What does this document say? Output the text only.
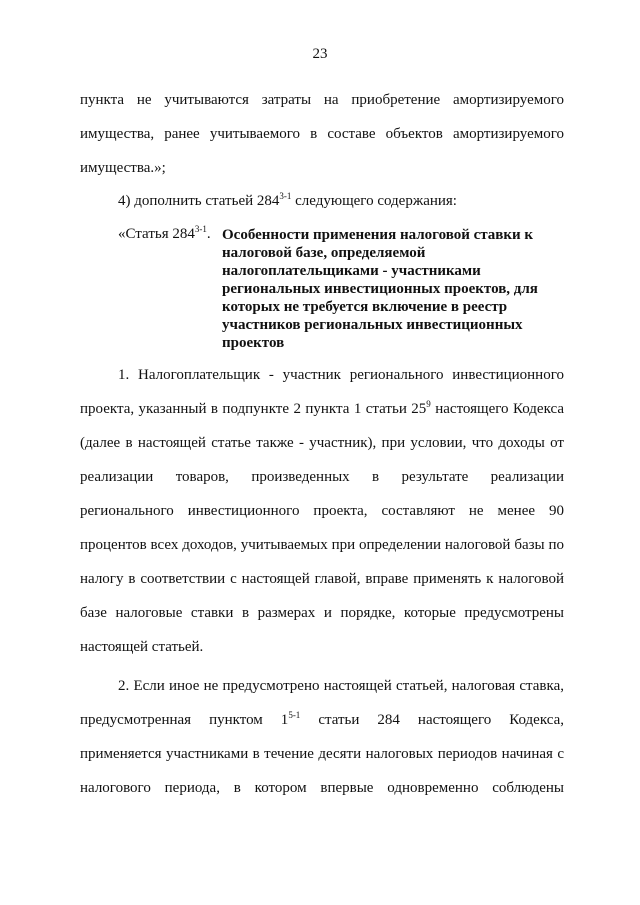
23
пункта не учитываются затраты на приобретение амортизируемого
имущества, ранее учитываемого в составе объектов амортизируемого
имущества.»;
4) дополнить статьей 284$^{3-1}$ следующего содержания:
«Статья 284$^{3-1}$. Особенности применения налоговой ставки к
налоговой базе, определяемой
налогоплательщиками - участниками
региональных инвестиционных проектов, для
которых не требуется включение в реестр
участников региональных инвестиционных
проектов
1. Налогоплательщик - участник регионального инвестиционного
проекта, указанный в подпункте 2 пункта 1 статьи $25^9$ настоящего Кодекса
(далее в настоящей статье также - участник), при условии, что доходы от
реализации товаров, произведенных в результате реализации
регионального инвестиционного проекта, составляют не менее 90
процентов всех доходов, учитываемых при определении налоговой базы по
налогу в соответствии с настоящей главой, вправе применять к налоговой
базе налоговые ставки в размерах и порядке, которые предусмотрены
настоящей статьей.
2. Если иное не предусмотрено настоящей статьей, налоговая ставка,
предусмотренная пунктом 1$^{5-1}$ статьи 284 настоящего Кодекса,
применяется участниками в течение десяти налоговых периодов начиная с
налогового периода, в котором впервые одновременно соблюдены
